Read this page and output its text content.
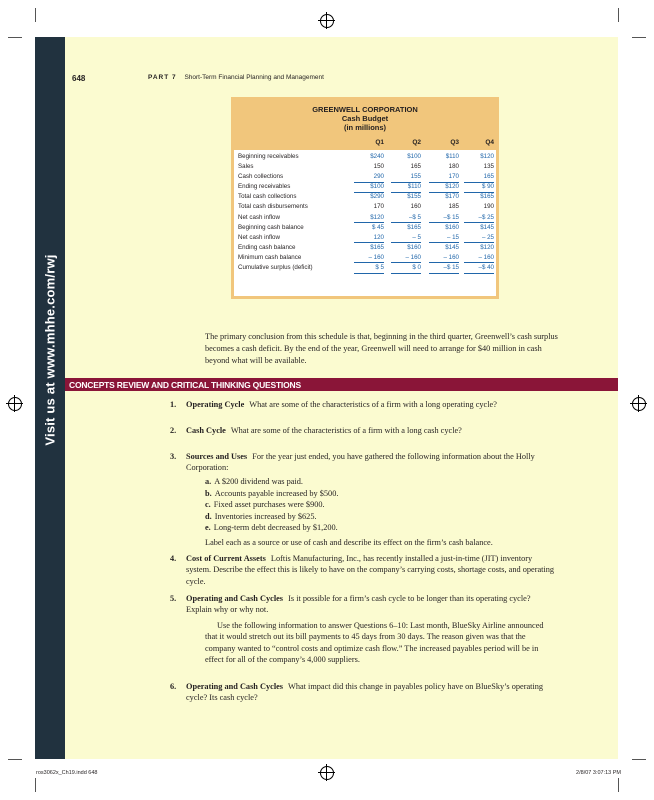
Visit us at www.mhhe.com/rwj
648	PART 7 Short-Term Financial Planning and Management
GREENWELL CORPORATION
Cash Budget
(in millions)
Q1	Q2	Q3	Q4
Beginning receivables	$240	$100	$110	$120
Sales	150	165	180	135
Cash collections	290	155	170	165
Ending receivables	$100	$110	$120	$ 90
Total cash collections	$290	$155	$170	$165
Total cash disbursements	170	160	185	190
Net cash inflow	$120	–$ 5	–$ 15	–$ 25
Beginning cash balance	$ 45	$165	$160	$145
Net cash inflow	120	– 5	– 15	– 25
Ending cash balance	$165	$160	$145	$120
Minimum cash balance	– 160	– 160	– 160	– 160
Cumulative surplus (deficit)	$ 5	$ 0	–$ 15	–$ 40
The primary conclusion from this schedule is that, beginning in the third quarter, Greenwell’s cash surplus becomes a cash deficit. By the end of the year, Greenwell will need to arrange for $40 million in cash beyond what will be available.
CONCEPTS REVIEW AND CRITICAL THINKING QUESTIONS
1. Operating Cycle What are some of the characteristics of a firm with a long operating cycle?
2. Cash Cycle What are some of the characteristics of a firm with a long cash cycle?
3. Sources and Uses For the year just ended, you have gathered the following information about the Holly Corporation:
a. A $200 dividend was paid.
b. Accounts payable increased by $500.
c. Fixed asset purchases were $900.
d. Inventories increased by $625.
e. Long-term debt decreased by $1,200.
Label each as a source or use of cash and describe its effect on the firm’s cash balance.
4. Cost of Current Assets Loftis Manufacturing, Inc., has recently installed a just-in-time (JIT) inventory system. Describe the effect this is likely to have on the company’s carrying costs, shortage costs, and operating cycle.
5. Operating and Cash Cycles Is it possible for a firm’s cash cycle to be longer than its operating cycle? Explain why or why not.
Use the following information to answer Questions 6–10: Last month, BlueSky Airline announced that it would stretch out its bill payments to 45 days from 30 days. The reason given was that the company wanted to “control costs and optimize cash flow.” The increased payables period will be in effect for all of the company’s 4,000 suppliers.
6. Operating and Cash Cycles What impact did this change in payables policy have on BlueSky’s operating cycle? Its cash cycle?
ros3062x_Ch19.indd 648	2/8/07 3:07:13 PM
